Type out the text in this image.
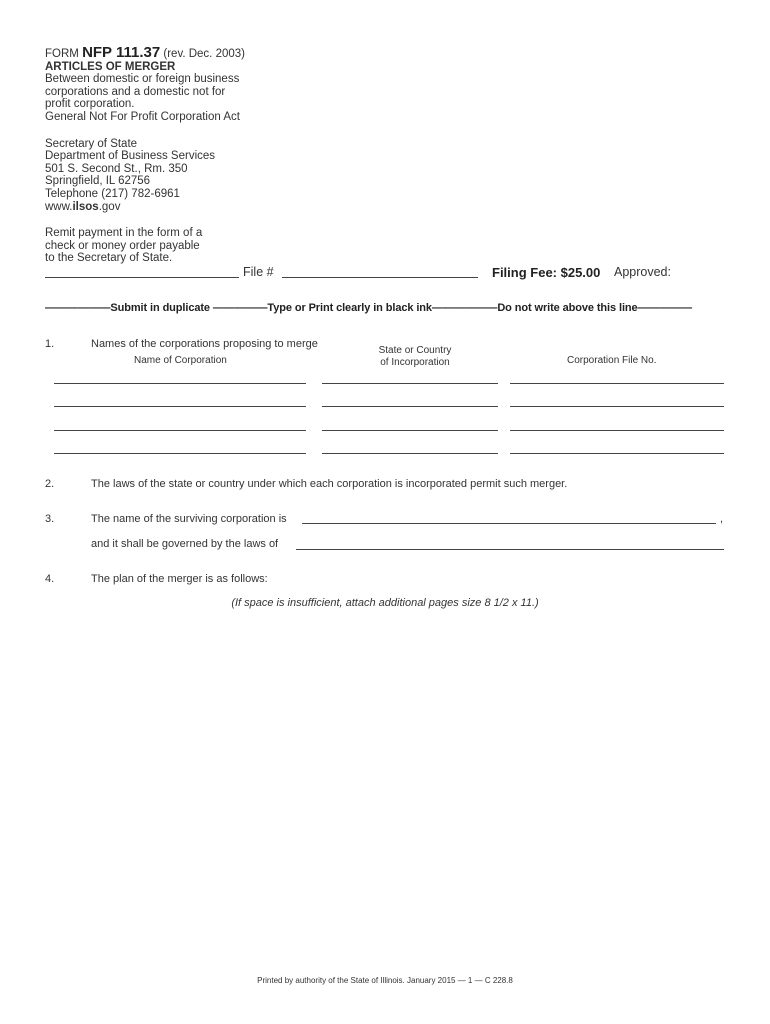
FORM NFP 111.37 (rev. Dec. 2003)
ARTICLES OF MERGER
Between domestic or foreign business
corporations and a domestic not for
profit corporation.
General Not For Profit Corporation Act
Secretary of State
Department of Business Services
501 S. Second St., Rm. 350
Springfield, IL 62756
Telephone (217) 782-6961
www.ilsos.gov
Remit payment in the form of a
check or money order payable
to the Secretary of State.
File #	Filing Fee: $25.00 Approved:
——————Submit in duplicate —————Type or Print clearly in black ink——————Do not write above this line—————
1.	Names of the corporations proposing to merge
Name of Corporation
State or Country
of Incorporation	Corporation File No.
2.	The laws of the state or country under which each corporation is incorporated permit such merger.
3.	The name of the surviving corporation is	,
and it shall be governed by the laws of
4.	The plan of the merger is as follows:
(If space is insufficient, attach additional pages size 8 1/2 x 11.)
Printed by authority of the State of Illinois. January 2015 — 1 — C 228.8
